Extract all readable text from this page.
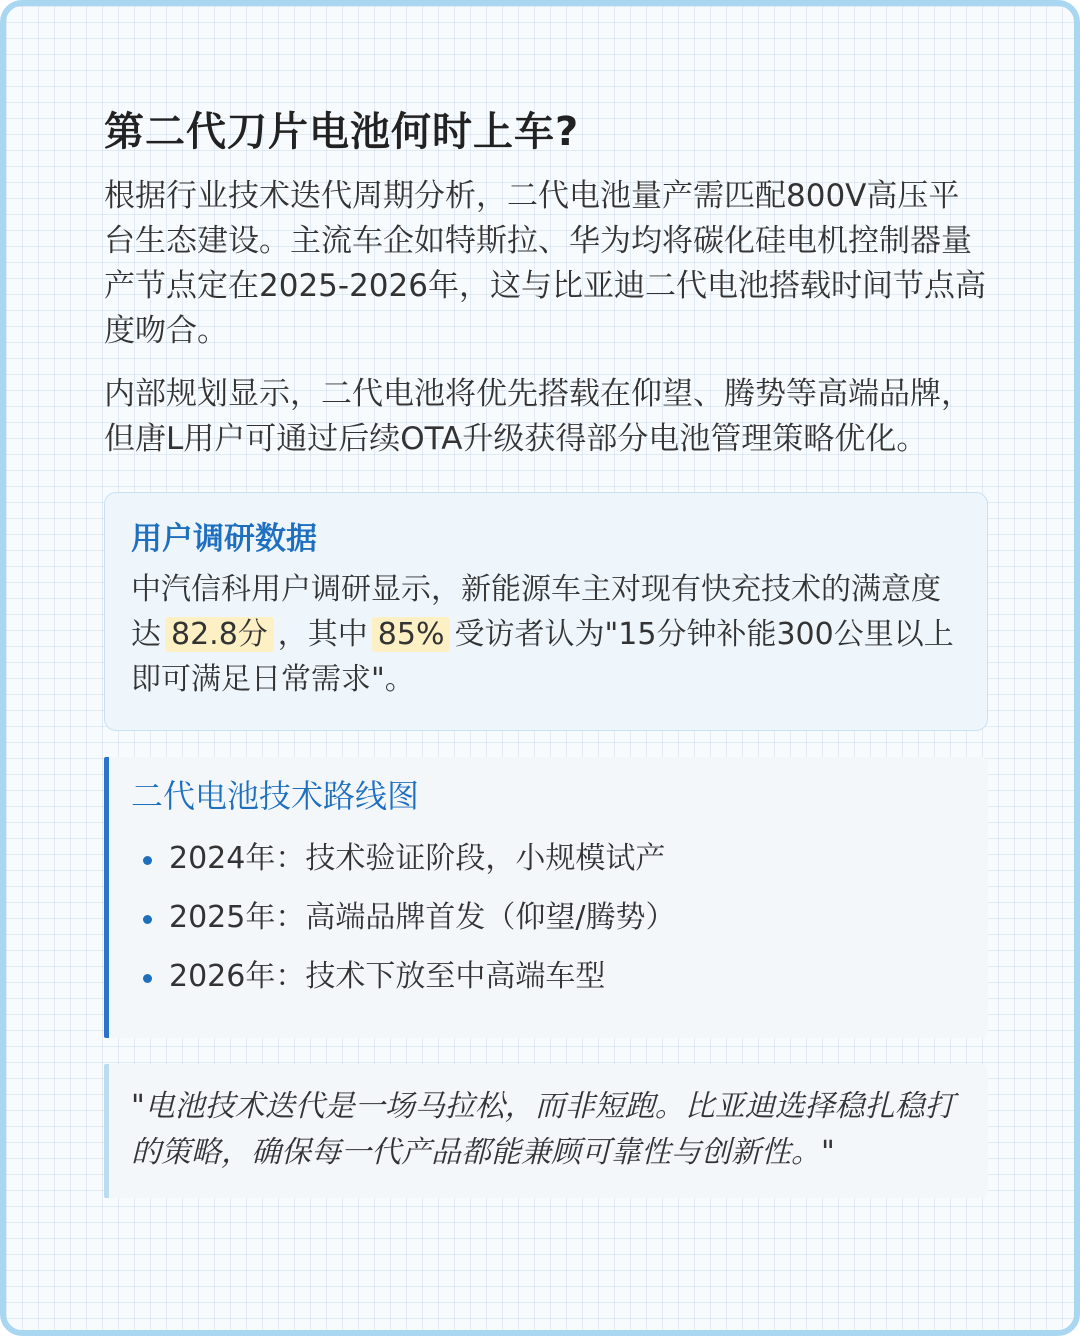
第二代刀片电池何时上车?

根据行业技术迭代周期分析，二代电池量产需匹配800V高压平台生态建设。主流车企如特斯拉、华为均将碳化硅电机控制器量产节点定在2025-2026年，这与比亚迪二代电池搭载时间节点高度吻合。

内部规划显示，二代电池将优先搭载在仰望、腾势等高端品牌，但唐L用户可通过后续OTA升级获得部分电池管理策略优化。

用户调研数据
中汽信科用户调研显示，新能源车主对现有快充技术的满意度达 82.8分 ，其中 85% 受访者认为"15分钟补能300公里以上即可满足日常需求"。
二代电池技术路线图
2024年：技术验证阶段，小规模试产
2025年：高端品牌首发（仰望/腾势）
2026年：技术下放至中高端车型
"电池技术迭代是一场马拉松，而非短跑。比亚迪选择稳扎稳打的策略，确保每一代产品都能兼顾可靠性与创新性。"
